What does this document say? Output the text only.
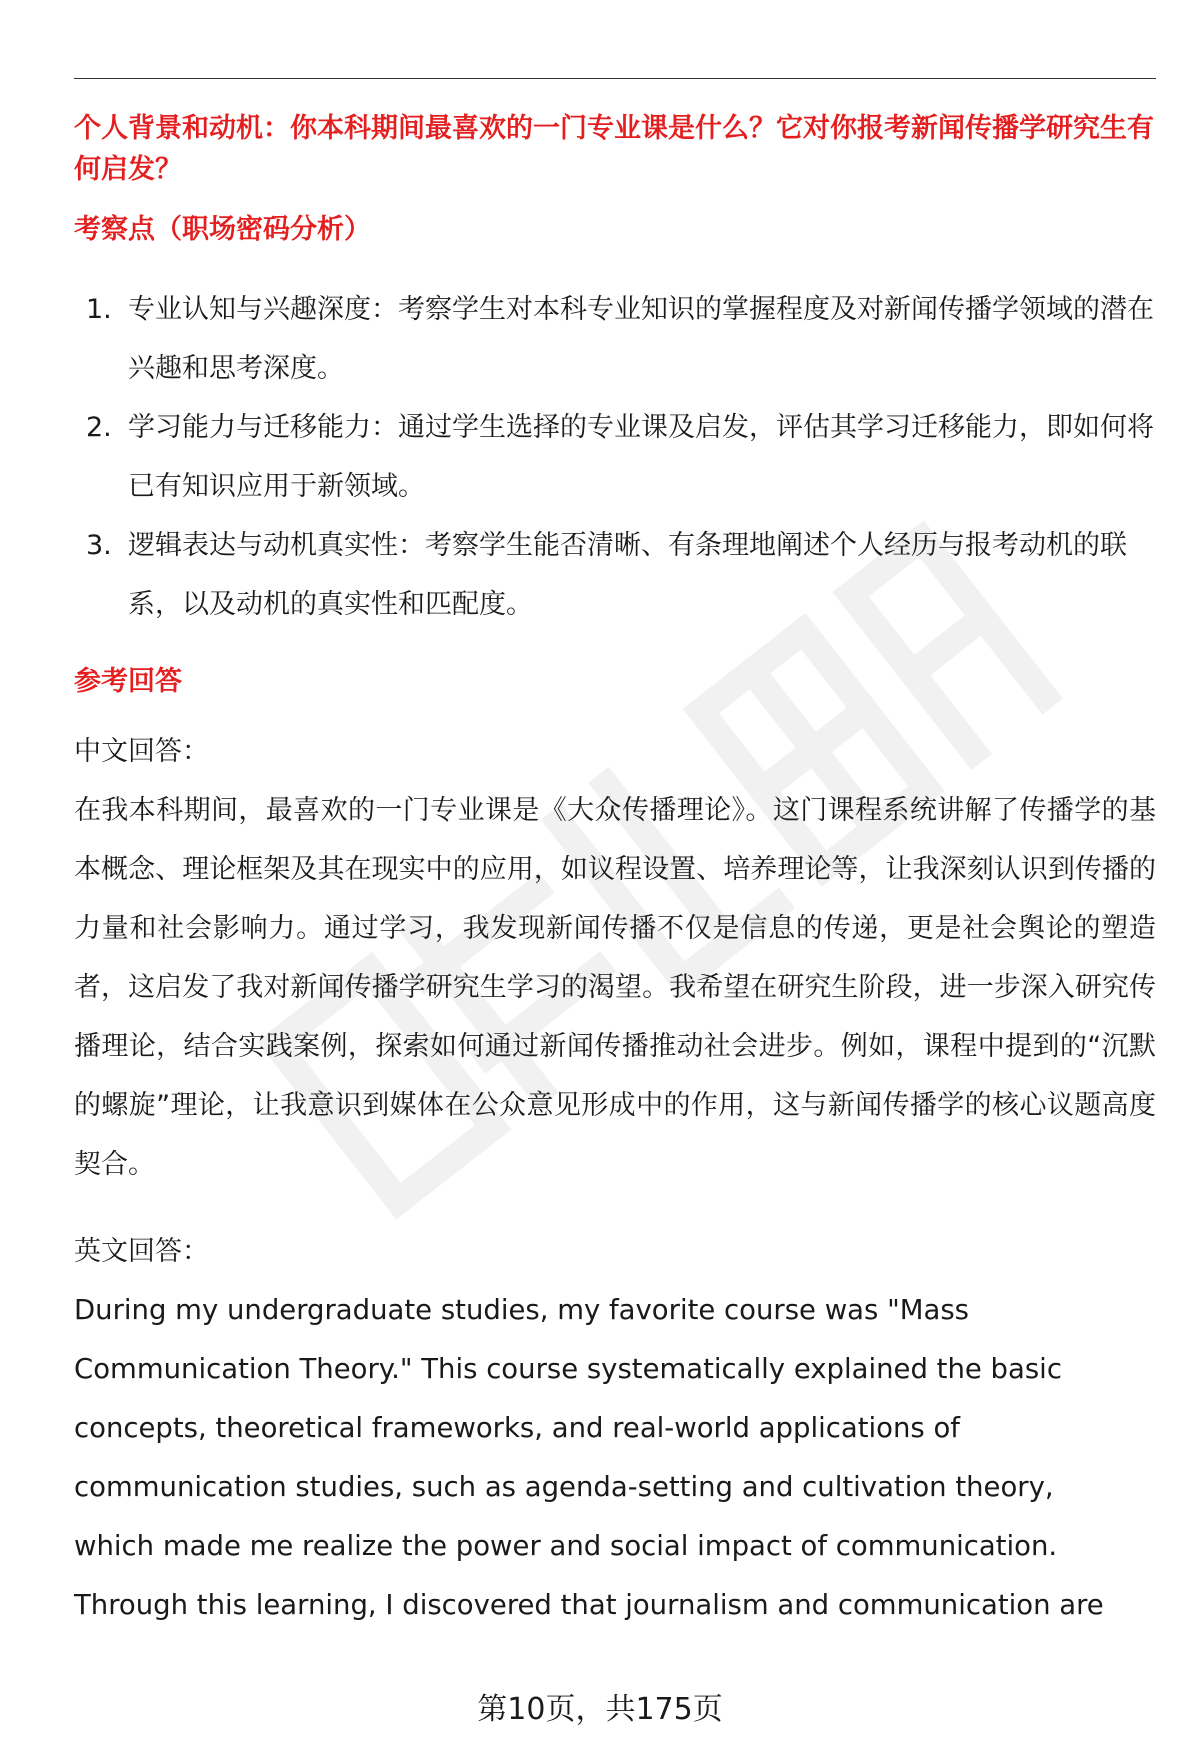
个人背景和动机：你本科期间最喜欢的一门专业课是什么？它对你报考新闻传播学研究生有何启发？

考察点（职场密码分析）

1. 专业认知与兴趣深度：考察学生对本科专业知识的掌握程度及对新闻传播学领域的潜在兴趣和思考深度。
2. 学习能力与迁移能力：通过学生选择的专业课及启发，评估其学习迁移能力，即如何将已有知识应用于新领域。
3. 逻辑表达与动机真实性：考察学生能否清晰、有条理地阐述个人经历与报考动机的联系，以及动机的真实性和匹配度。

参考回答

中文回答：

在我本科期间，最喜欢的一门专业课是《大众传播理论》。这门课程系统讲解了传播学的基本概念、理论框架及其在现实中的应用，如议程设置、培养理论等，让我深刻认识到传播的力量和社会影响力。通过学习，我发现新闻传播不仅是信息的传递，更是社会舆论的塑造者，这启发了我对新闻传播学研究生学习的渴望。我希望在研究生阶段，进一步深入研究传播理论，结合实践案例，探索如何通过新闻传播推动社会进步。例如，课程中提到的“沉默的螺旋”理论，让我意识到媒体在公众意见形成中的作用，这与新闻传播学的核心议题高度契合。

英文回答：

During my undergraduate studies, my favorite course was "Mass
Communication Theory." This course systematically explained the basic
concepts, theoretical frameworks, and real-world applications of
communication studies, such as agenda-setting and cultivation theory,
which made me realize the power and social impact of communication.
Through this learning, I discovered that journalism and communication are
第10页，共175页
